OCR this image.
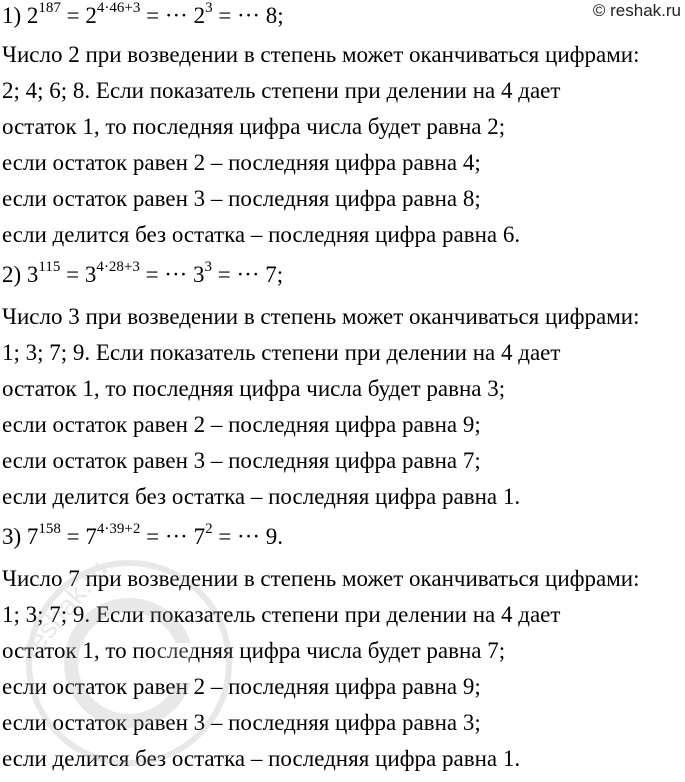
© reshak.ru
1) $2^{187} = 2^{4\cdot 46+3}$ = ··· $2^3$ = ··· 8;
Число 2 при возведении в степень может оканчиваться цифрами:
2; 4; 6; 8. Если показатель степени при делении на 4 дает
остаток 1, то последняя цифра числа будет равна 2;
если остаток равен 2 – последняя цифра равна 4;
если остаток равен 3 – последняя цифра равна 8;
если делится без остатка – последняя цифра равна 6.
2) $3^{115} = 3^{4\cdot 28+3}$ = ··· $3^3$ = ··· 7;
Число 3 при возведении в степень может оканчиваться цифрами:
1; 3; 7; 9. Если показатель степени при делении на 4 дает
остаток 1, то последняя цифра числа будет равна 3;
если остаток равен 2 – последняя цифра равна 9;
если остаток равен 3 – последняя цифра равна 7;
если делится без остатка – последняя цифра равна 1.
3) $7^{158} = 7^{4\cdot 39+2}$ = ··· $7^2$ = ··· 9.
Число 7 при возведении в степень может оканчиваться цифрами:
1; 3; 7; 9. Если показатель степени при делении на 4 дает
остаток 1, то последняя цифра числа будет равна 7;
если остаток равен 2 – последняя цифра равна 9;
если остаток равен 3 – последняя цифра равна 3;
если делится без остатка – последняя цифра равна 1.
reshak.ru
